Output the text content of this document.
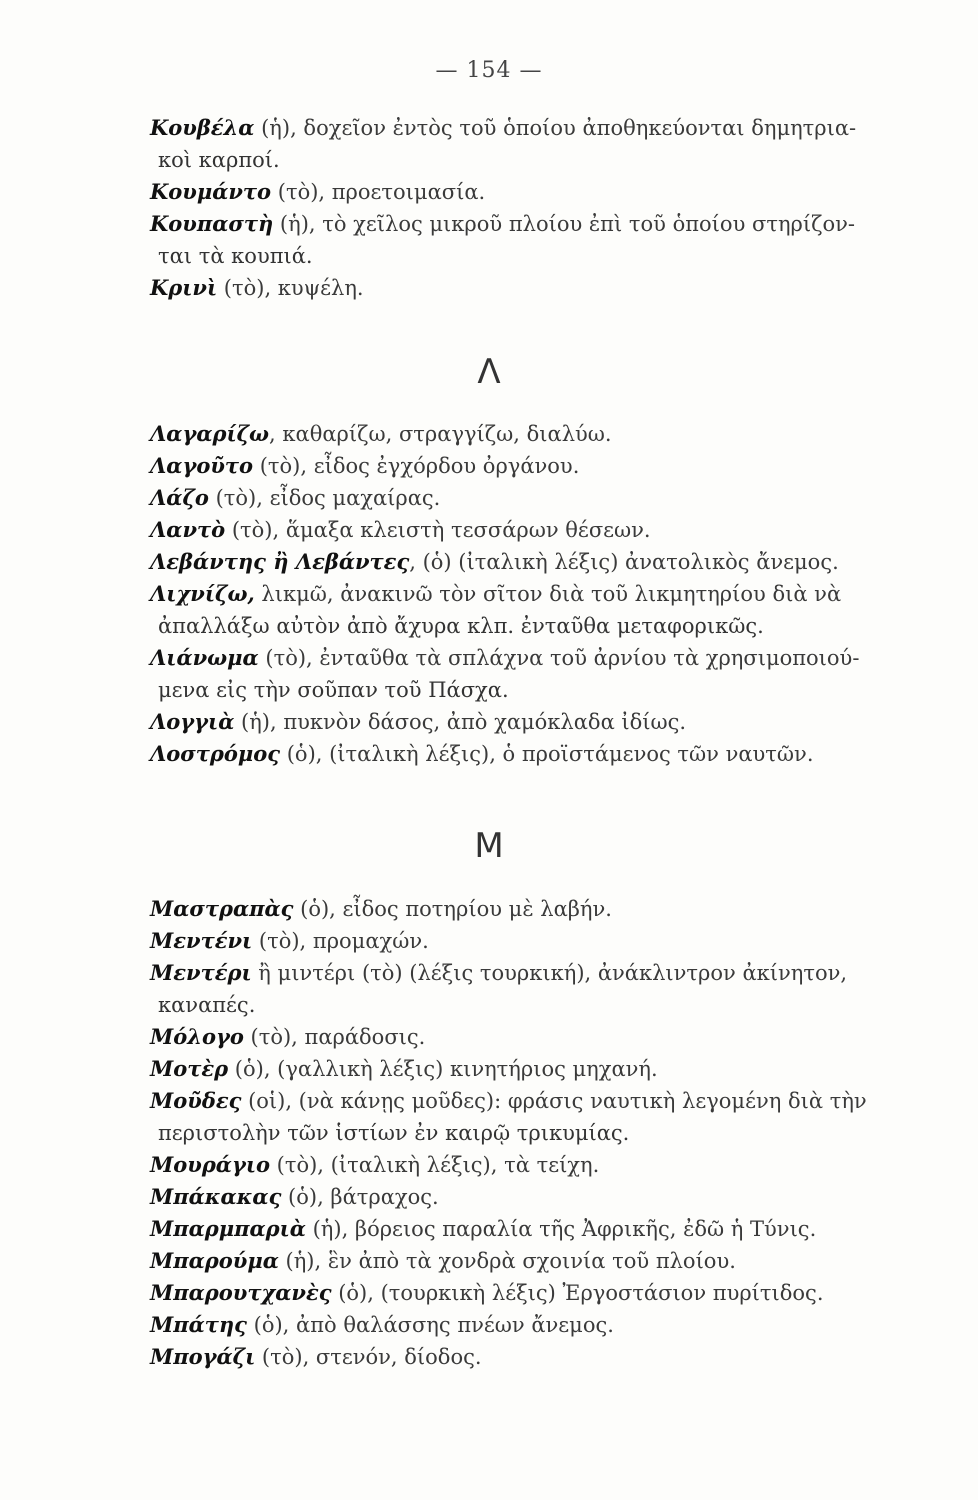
— 154 —

Κουβέλα (ἡ), δοχεῖον ἐντὸς τοῦ ὁποίου ἀποθηκεύονται δημητρια-

κοὶ καρποί.

Κουμάντο (τὸ), προετοιμασία.

Κουπαστὴ (ἡ), τὸ χεῖλος μικροῦ πλοίου ἐπὶ τοῦ ὁποίου στηρίζον-

ται τὰ κουπιά.

Κρινὶ (τὸ), κυψέλη.

Λ

Λαγαρίζω, καθαρίζω, στραγγίζω, διαλύω.

Λαγοῦτο (τὸ), εἶδος ἐγχόρδου ὀργάνου.

Λάζο (τὸ), εἶδος μαχαίρας.

Λαντὸ (τὸ), ἅμαξα κλειστὴ τεσσάρων θέσεων.

Λεβάντης ἢ Λεβάντες, (ὁ) (ἰταλικὴ λέξις) ἀνατολικὸς ἄνεμος.

Λιχνίζω, λικμῶ, ἀνακινῶ τὸν σῖτον διὰ τοῦ λικμητηρίου διὰ νὰ

ἀπαλλάξω αὐτὸν ἀπὸ ἄχυρα κλπ. ἐνταῦθα μεταφορικῶς.

Λιάνωμα (τὸ), ἐνταῦθα τὰ σπλάχνα τοῦ ἀρνίου τὰ χρησιμοποιού-

μενα εἰς τὴν σοῦπαν τοῦ Πάσχα.

Λογγιὰ (ἡ), πυκνὸν δάσος, ἀπὸ χαμόκλαδα ἰδίως.

Λοστρόμος (ὁ), (ἰταλικὴ λέξις), ὁ προϊστάμενος τῶν ναυτῶν.

Μ

Μαστραπὰς (ὁ), εἶδος ποτηρίου μὲ λαβήν.

Μεντένι (τὸ), προμαχών.

Μεντέρι ἢ μιντέρι (τὸ) (λέξις τουρκική), ἀνάκλιντρον ἀκίνητον,

καναπές.

Μόλογο (τὸ), παράδοσις.

Μοτὲρ (ὁ), (γαλλικὴ λέξις) κινητήριος μηχανή.

Μοῦδες (οἱ), (νὰ κάνῃς μοῦδες): φράσις ναυτικὴ λεγομένη διὰ τὴν

περιστολὴν τῶν ἱστίων ἐν καιρῷ τρικυμίας.

Μουράγιο (τὸ), (ἰταλικὴ λέξις), τὰ τείχη.

Μπάκακας (ὁ), βάτραχος.

Μπαρμπαριὰ (ἡ), βόρειος παραλία τῆς Ἀφρικῆς, ἐδῶ ἡ Τύνις.

Μπαρούμα (ἡ), ἓν ἀπὸ τὰ χονδρὰ σχοινία τοῦ πλοίου.

Μπαρουτχανὲς (ὁ), (τουρκικὴ λέξις) Ἐργοστάσιον πυρίτιδος.

Μπάτης (ὁ), ἀπὸ θαλάσσης πνέων ἄνεμος.

Μπογάζι (τὸ), στενόν, δίοδος.
